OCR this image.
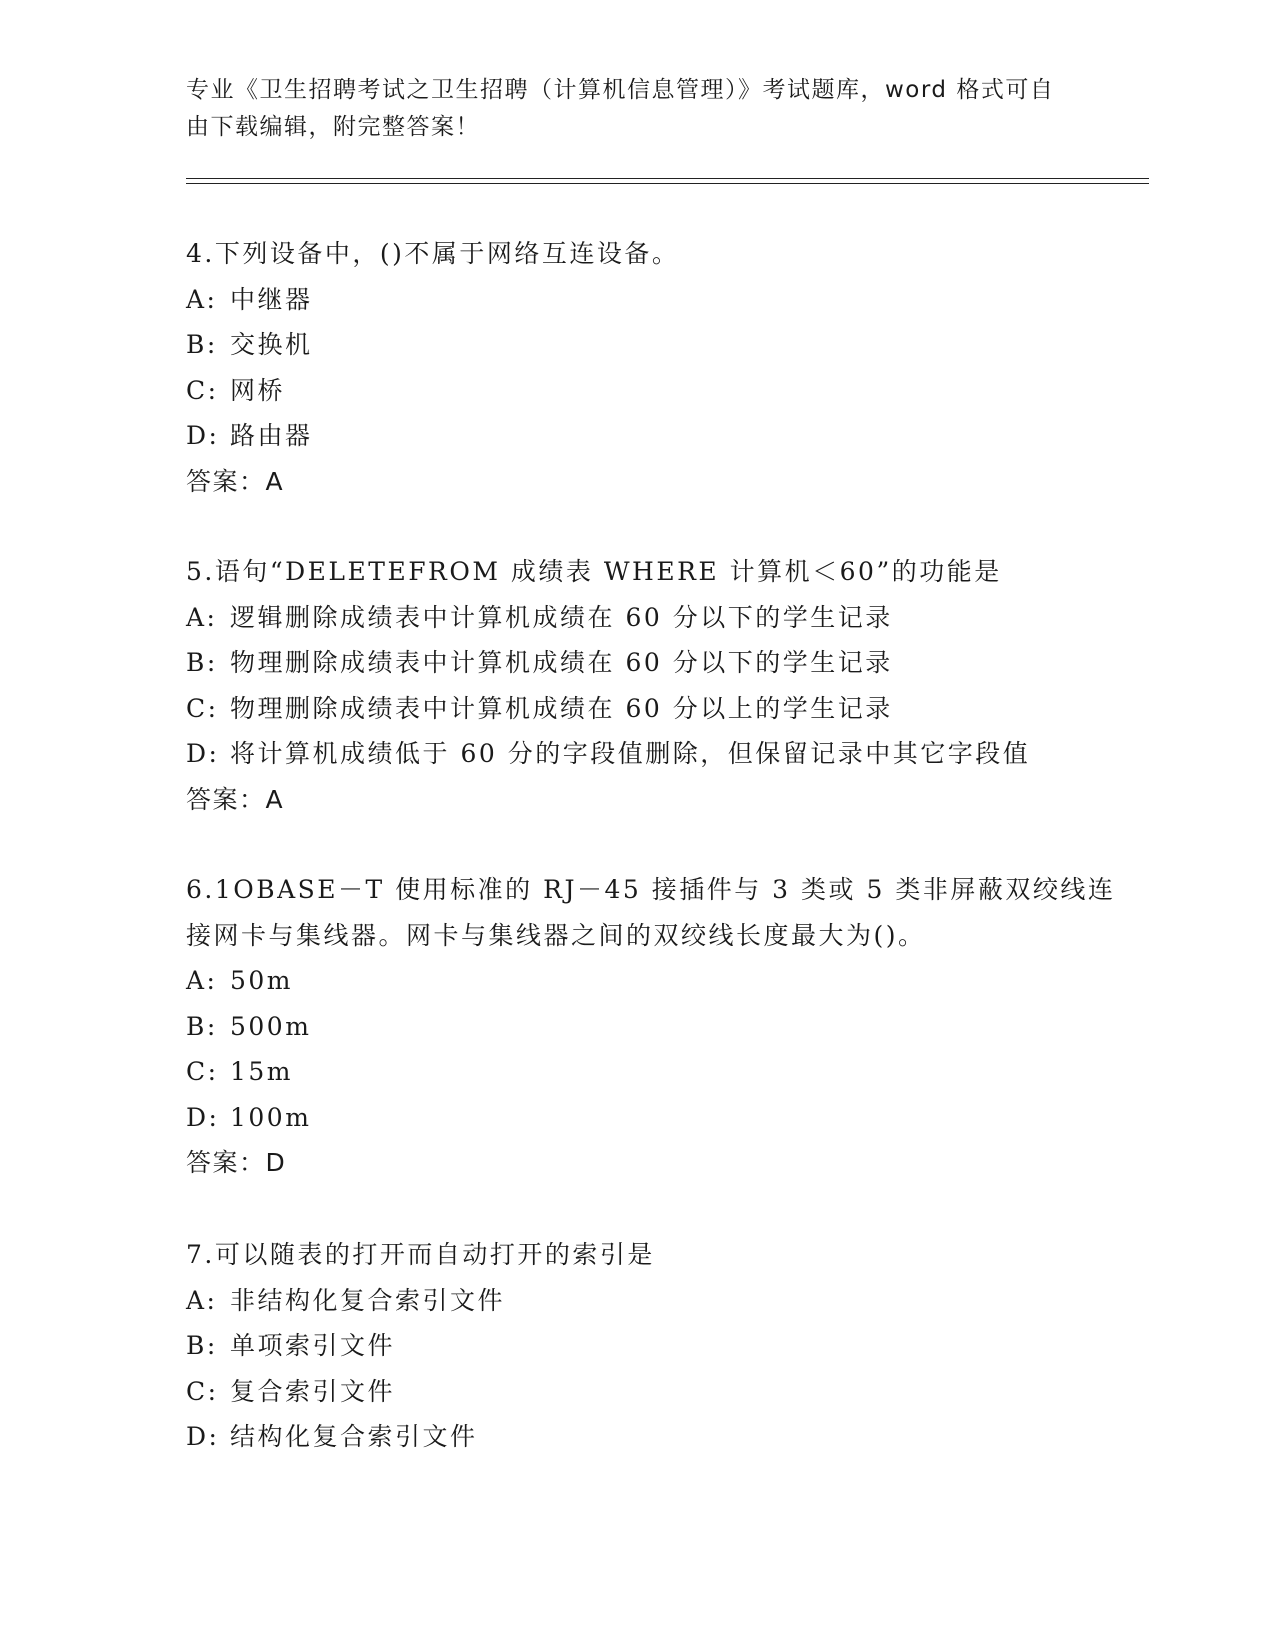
专业《卫生招聘考试之卫生招聘（计算机信息管理）》考试题库，word 格式可自
由下载编辑，附完整答案！
4.下列设备中，()不属于网络互连设备。
A: 中继器
B: 交换机
C: 网桥
D: 路由器
答案：A
5.语句“DELETEFROM 成绩表 WHERE 计算机＜60”的功能是
A: 逻辑删除成绩表中计算机成绩在 60 分以下的学生记录
B: 物理删除成绩表中计算机成绩在 60 分以下的学生记录
C: 物理删除成绩表中计算机成绩在 60 分以上的学生记录
D: 将计算机成绩低于 60 分的字段值删除，但保留记录中其它字段值
答案：A
6.1OBASE－T 使用标准的 RJ－45 接插件与 3 类或 5 类非屏蔽双绞线连
接网卡与集线器。网卡与集线器之间的双绞线长度最大为()。
A: 50m
B: 500m
C: 15m
D: 100m
答案：D
7.可以随表的打开而自动打开的索引是
A: 非结构化复合索引文件
B: 单项索引文件
C: 复合索引文件
D: 结构化复合索引文件
